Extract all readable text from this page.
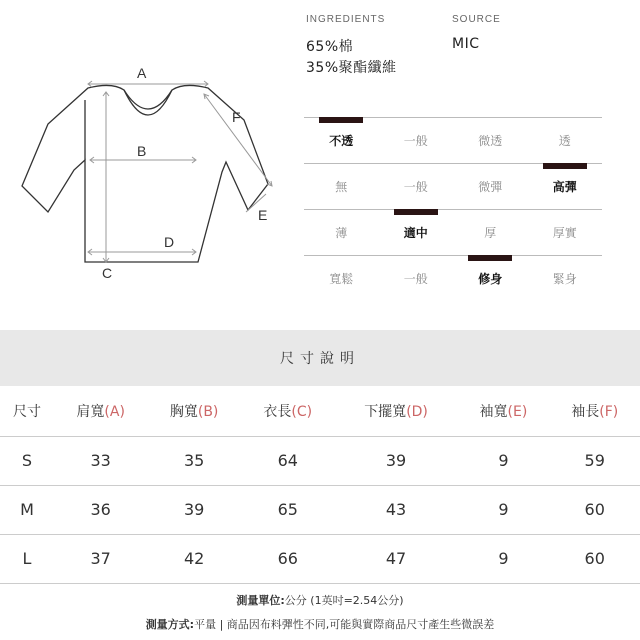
A
B
C
D
E
F
INGREDIENTS
65%棉
35%聚酯纖維
SOURCE
MIC
不透	一般	微透	透
無	一般	微彈	高彈
薄	適中	厚	厚實
寬鬆	一般	修身	緊身
尺寸說明
尺寸	肩寬(A)	胸寬(B)	衣長(C)	下擺寬(D)	袖寬(E)	袖長(F)
S	33	35	64	39	9	59
M	36	39	65	43	9	60
L	37	42	66	47	9	60
測量單位:公分 (1英吋=2.54公分)
測量方式:平量 | 商品因布料彈性不同,可能與實際商品尺寸產生些微誤差
